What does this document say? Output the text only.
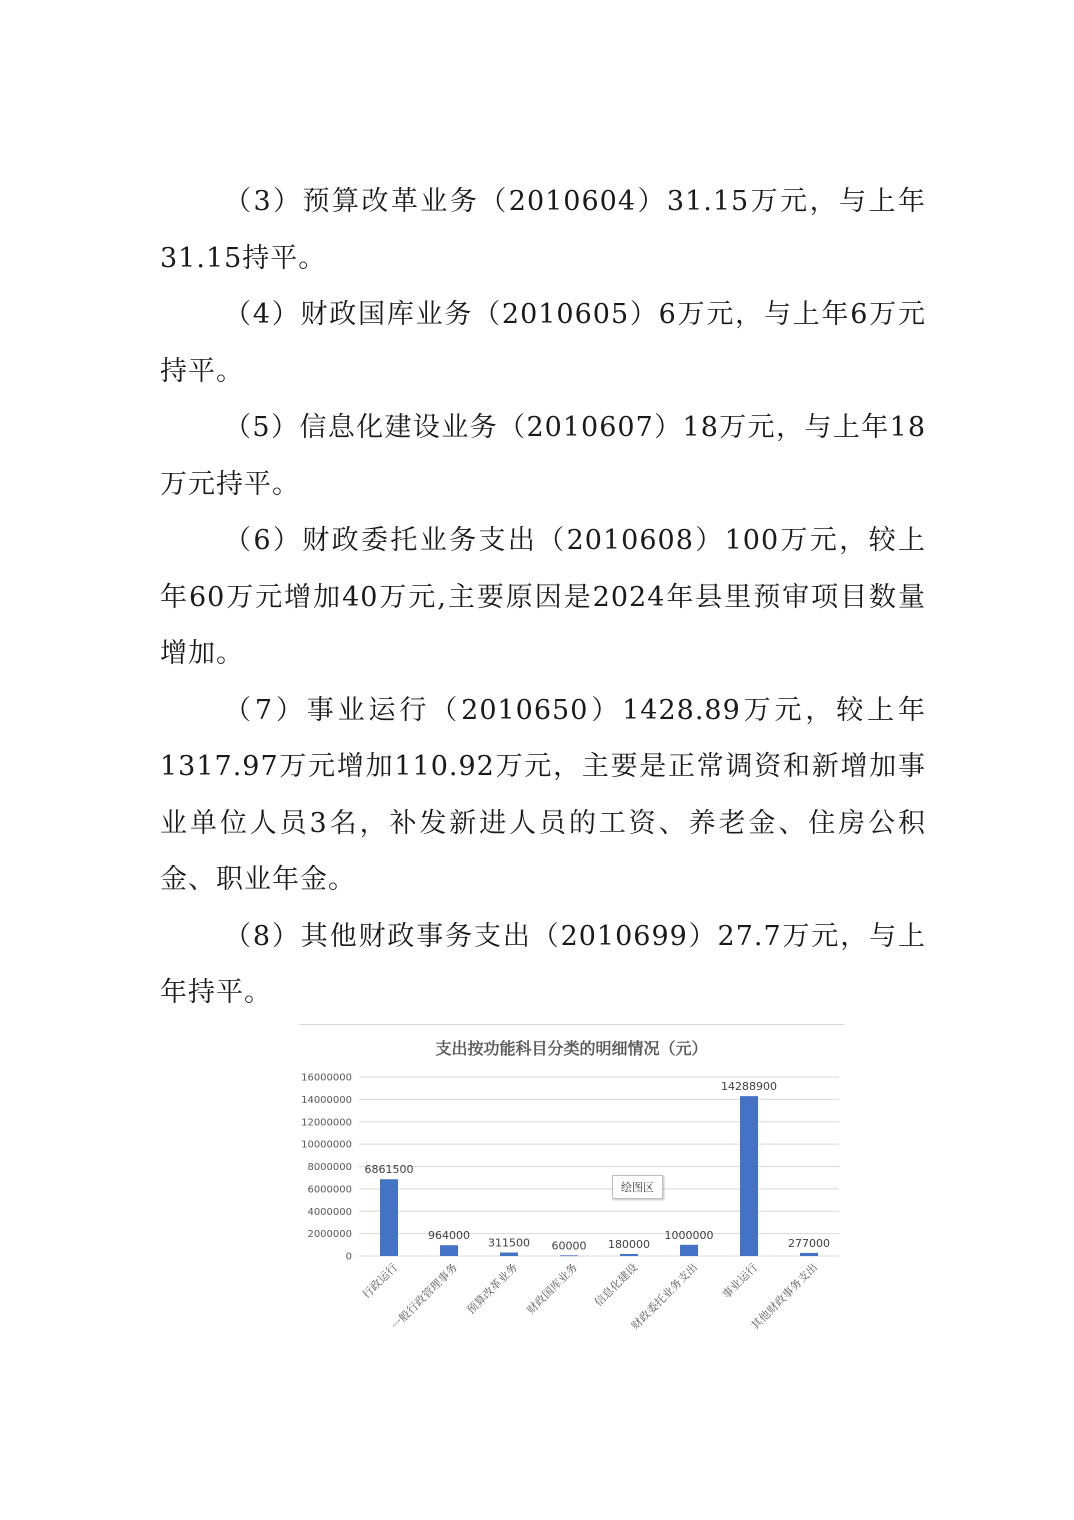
（3）预算改革业务（2010604）31.15万元，与上年31.15持平。

（4）财政国库业务（2010605）6万元，与上年6万元持平。

（5）信息化建设业务（2010607）18万元，与上年18万元持平。

（6）财政委托业务支出（2010608）100万元，较上年60万元增加40万元,主要原因是2024年县里预审项目数量增加。

（7）事业运行（2010650）1428.89万元，较上年1317.97万元增加110.92万元，主要是正常调资和新增加事业单位人员3名，补发新进人员的工资、养老金、住房公积金、职业年金。

（8）其他财政事务支出（2010699）27.7万元，与上年持平。

支出按功能科目分类的明细情况（元）
0
2000000
4000000
6000000
8000000
10000000
12000000
14000000
16000000
6861500
行政运行
964000
一般行政管理事务
311500
预算改革业务
60000
财政国库业务
180000
信息化建设
1000000
财政委托业务支出
14288900
事业运行
277000
其他财政事务支出
绘图区
